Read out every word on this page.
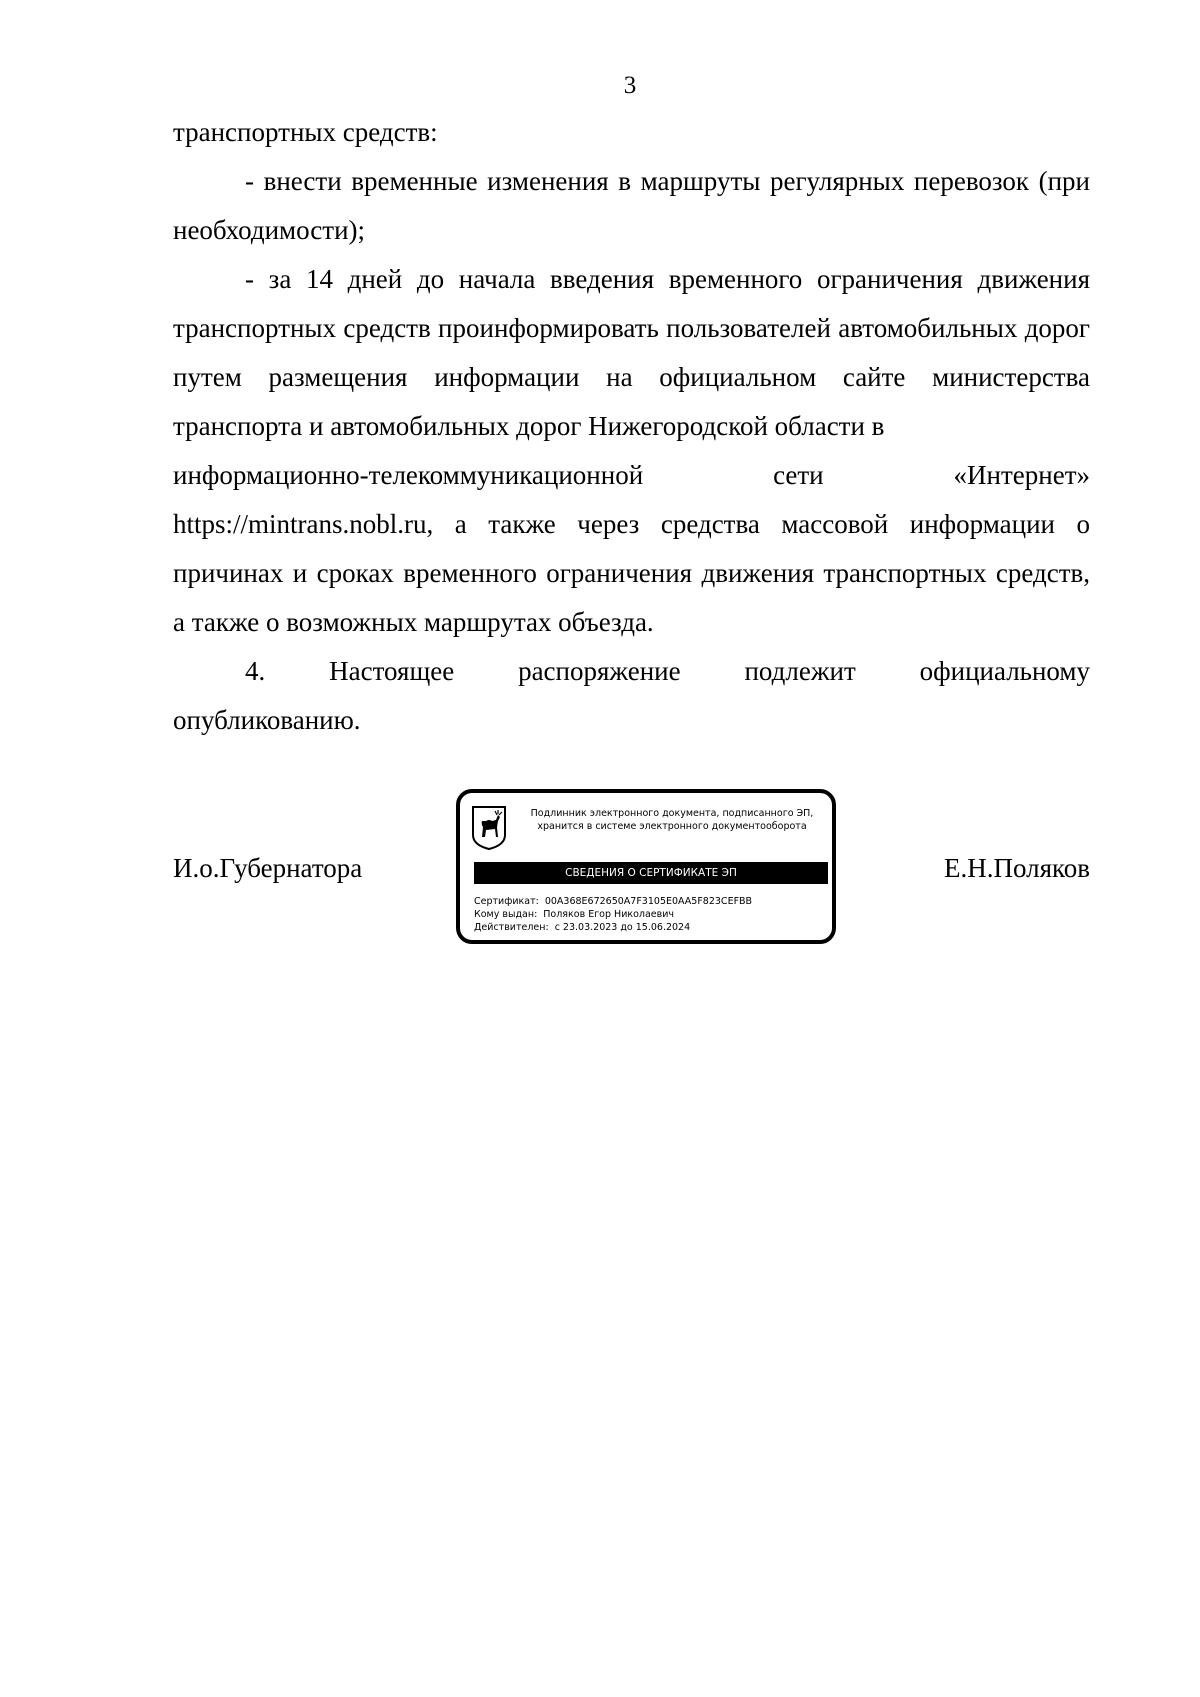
3

транспортных средств:

- внести временные изменения в маршруты регулярных перевозок (при необходимости);

- за 14 дней до начала введения временного ограничения движения транспортных средств проинформировать пользователей автомобильных дорог путем размещения информации на официальном сайте министерства транспорта и автомобильных дорог Нижегородской области в

информационно-телекоммуникационной	сети	«Интернет»

https://mintrans.nobl.ru, а также через средства массовой информации о причинах и сроках временного ограничения движения транспортных средств, а также о возможных маршрутах объезда.

4. Настоящее распоряжение подлежит официальному

опубликованию.

И.о.Губернатора	Е.Н.Поляков
Подлинник электронного документа, подписанного ЭП,
хранится в системе электронного документооборота
СВЕДЕНИЯ О СЕРТИФИКАТЕ ЭП
Сертификат: 00A368E672650A7F3105E0AA5F823CEFBB
Кому выдан: Поляков Егор Николаевич
Действителен: с 23.03.2023 до 15.06.2024
